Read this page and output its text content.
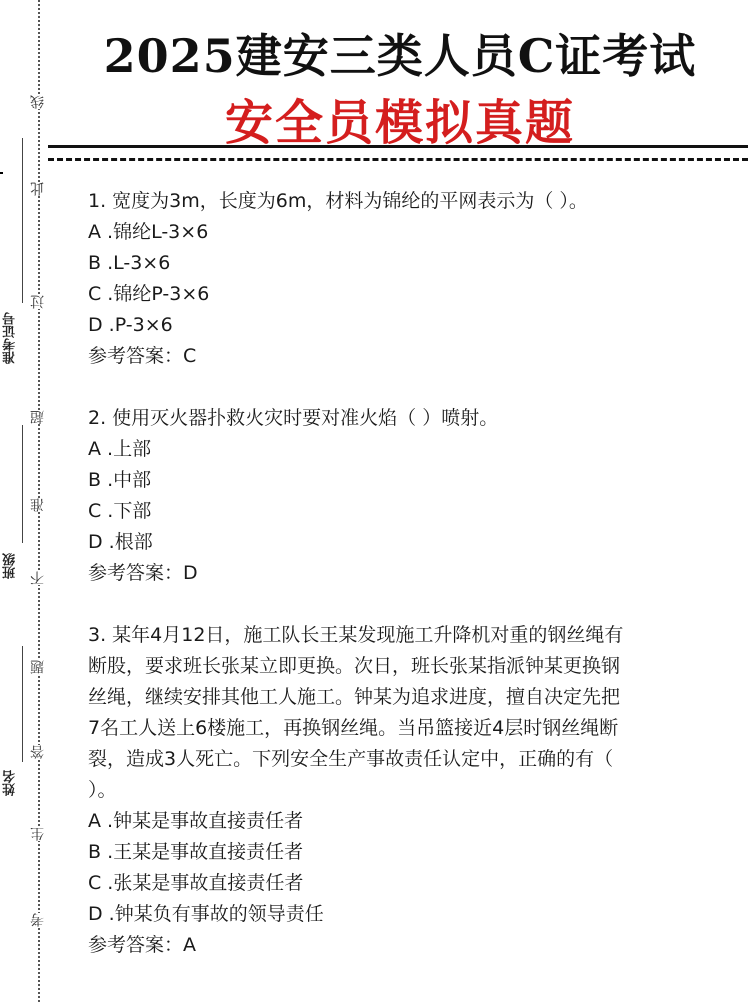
线
此
过
超
准
不
题
答
生
考
准考证号
班级
姓名
2025建安三类人员C证考试
安全员模拟真题
1. 宽度为3m，长度为6m，材料为锦纶的平网表示为（ ）。
A .锦纶L-3×6
B .L-3×6
C .锦纶P-3×6
D .P-3×6
参考答案：C
2. 使用灭火器扑救火灾时要对准火焰（ ）喷射。
A .上部
B .中部
C .下部
D .根部
参考答案：D
3. 某年4月12日，施工队长王某发现施工升降机对重的钢丝绳有
断股，要求班长张某立即更换。次日，班长张某指派钟某更换钢
丝绳，继续安排其他工人施工。钟某为追求进度，擅自决定先把
7名工人送上6楼施工，再换钢丝绳。当吊篮接近4层时钢丝绳断
裂，造成3人死亡。下列安全生产事故责任认定中，正确的有（
）。
A .钟某是事故直接责任者
B .王某是事故直接责任者
C .张某是事故直接责任者
D .钟某负有事故的领导责任
参考答案：A
